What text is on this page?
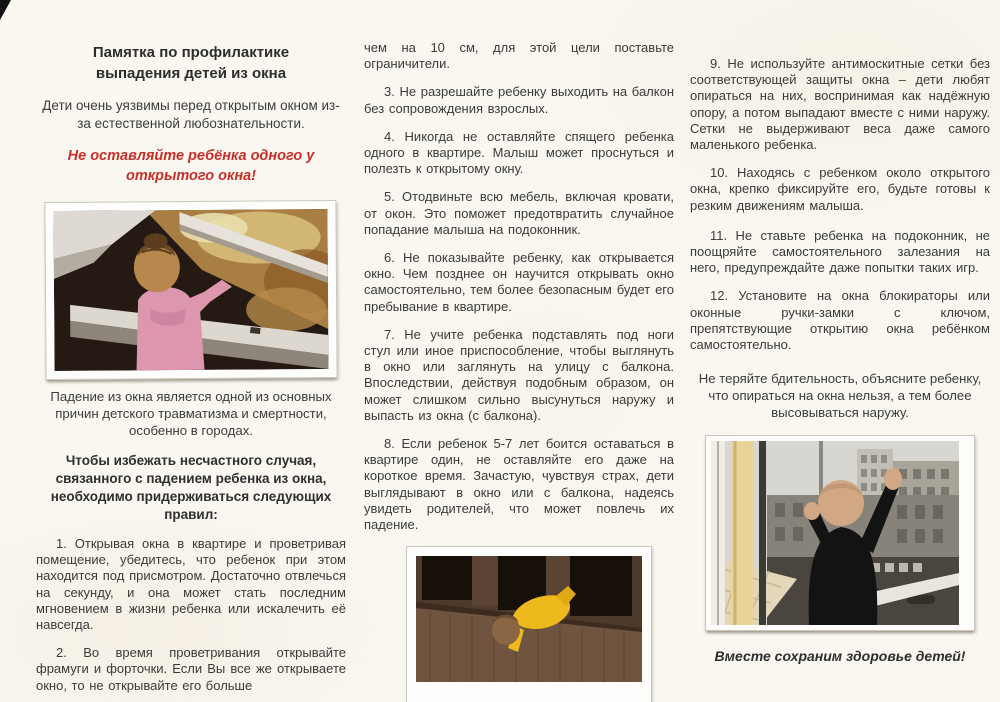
Памятка по профилактике выпадения детей из окна
Дети очень уязвимы перед открытым окном из-за естественной любознательности.
Не оставляйте ребёнка одного у открытого окна!
Падение из окна является одной из основных причин детского травматизма и смертности, особенно в городах.
Чтобы избежать несчастного случая, связанного с падением ребенка из окна, необходимо придерживаться следующих правил:

1. Открывая окна в квартире и проветривая помещение, убедитесь, что ребенок при этом находится под присмотром. Достаточно отвлечься на секунду, и она может стать последним мгновением в жизни ребенка или искалечить её навсегда.

2. Во время проветривания открывайте фрамуги и форточки. Если Вы все же открываете окно, то не открывайте его больше

чем на 10 см, для этой цели поставьте ограничители.

3. Не разрешайте ребенку выходить на балкон без сопровождения взрослых.

4. Никогда не оставляйте спящего ребенка одного в квартире. Малыш может проснуться и полезть к открытому окну.

5. Отодвиньте всю мебель, включая кровати, от окон. Это поможет предотвратить случайное попадание малыша на подоконник.

6. Не показывайте ребенку, как открывается окно. Чем позднее он научится открывать окно самостоятельно, тем более безопасным будет его пребывание в квартире.

7. Не учите ребенка подставлять под ноги стул или иное приспособление, чтобы выглянуть в окно или заглянуть на улицу с балкона. Впоследствии, действуя подобным образом, он может слишком сильно высунуться наружу и выпасть из окна (с балкона).

8. Если ребенок 5-7 лет боится оставаться в квартире один, не оставляйте его даже на короткое время. Зачастую, чувствуя страх, дети выглядывают в окно или с балкона, надеясь увидеть родителей, что может повлечь их падение.

9. Не используйте антимоскитные сетки без соответствующей защиты окна – дети любят опираться на них, воспринимая как надёжную опору, а потом выпадают вместе с ними наружу. Сетки не выдерживают веса даже самого маленького ребенка.

10. Находясь с ребенком около открытого окна, крепко фиксируйте его, будьте готовы к резким движениям малыша.

11. Не ставьте ребенка на подоконник, не поощряйте самостоятельного залезания на него, предупреждайте даже попытки таких игр.

12. Установите на окна блокираторы или оконные ручки-замки с ключом, препятствующие открытию окна ребёнком самостоятельно.

Не теряйте бдительность, объясните ребенку, что опираться на окна нельзя, а тем более высовываться наружу.
Вместе сохраним здоровье детей!
